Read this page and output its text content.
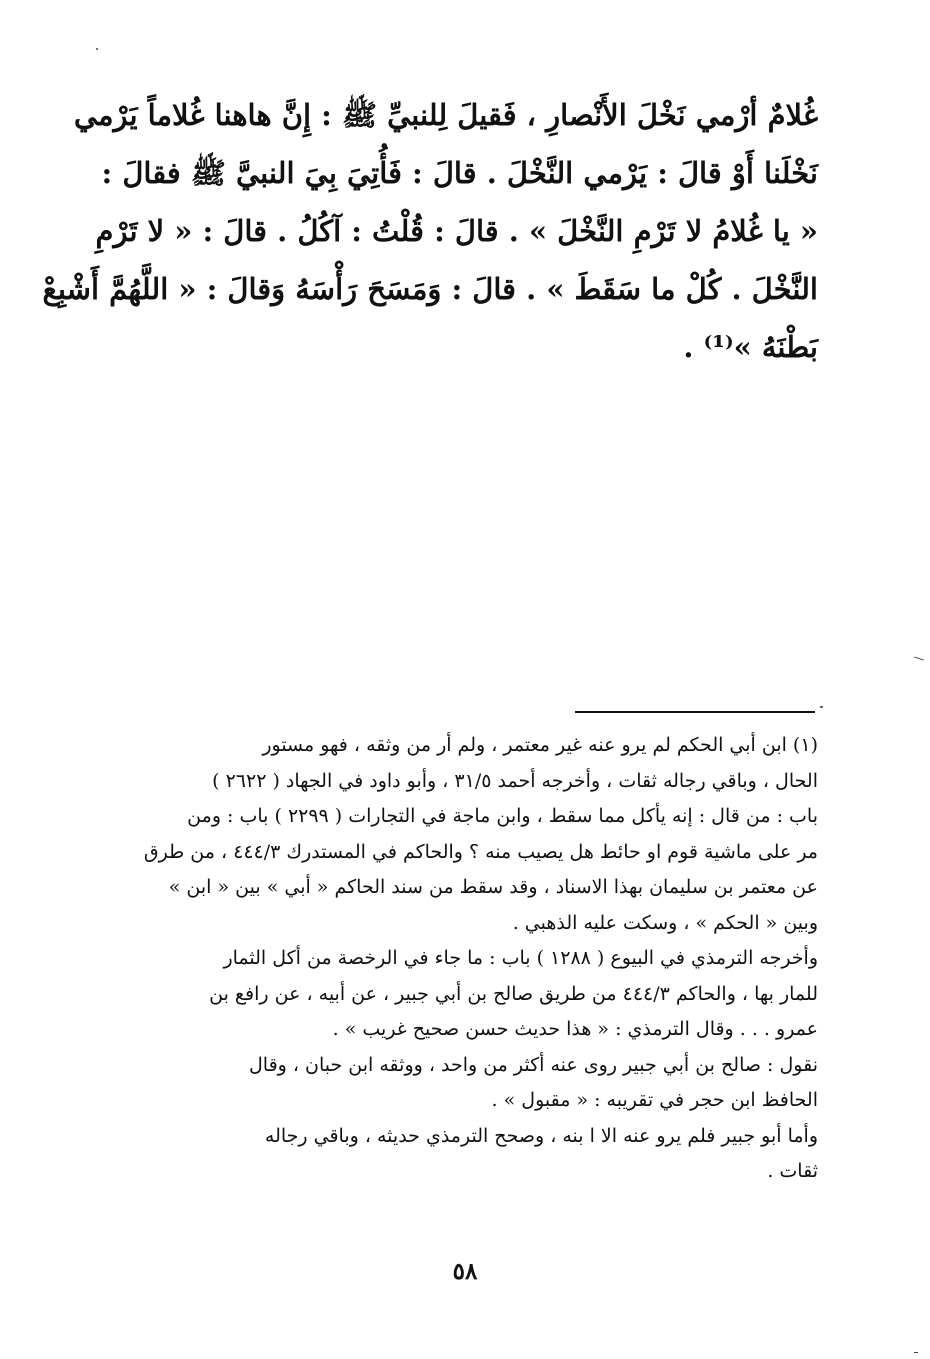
غُلامٌ أرْمي نَخْلَ الأَنْصارِ ، فَقيلَ لِلنبيِّ ﷺ : إِنَّ هاهنا غُلاماً يَرْمي
نَخْلَنا أَوْ قالَ : يَرْمي النَّخْلَ . قالَ : فَأُتِيَ بِيَ النبيَّ ﷺ فقالَ :
« يا غُلامُ لا تَرْمِ النَّخْلَ » . قالَ : قُلْتُ : آكُلُ . قالَ : « لا تَرْمِ
النَّخْلَ . كُلْ ما سَقَطَ » . قالَ : وَمَسَحَ رَأْسَهُ وَقالَ : « اللَّهُمَّ أَشْبِعْ
بَطْنَهُ »⁽¹⁾ .
(١) ابن أبي الحكم لم يرو عنه غير معتمر ، ولم أر من وثقه ، فهو مستور
الحال ، وباقي رجاله ثقات ، وأخرجه أحمد ٣١/٥ ، وأبو داود في الجهاد ( ٢٦٢٢ )
باب : من قال : إنه يأكل مما سقط ، وابن ماجة في التجارات ( ٢٢٩٩ ) باب : ومن
مر على ماشية قوم او حائط هل يصيب منه ؟ والحاكم في المستدرك ٤٤٤/٣ ، من طرق
عن معتمر بن سليمان بهذا الاسناد ، وقد سقط من سند الحاكم « أبي » بين « ابن »
وبين « الحكم » ، وسكت عليه الذهبي .
وأخرجه الترمذي في البيوع ( ١٢٨٨ ) باب : ما جاء في الرخصة من أكل الثمار
للمار بها ، والحاكم ٤٤٤/٣ من طريق صالح بن أبي جبير ، عن أبيه ، عن رافع بن
عمرو . . . وقال الترمذي : « هذا حديث حسن صحيح غريب » .
نقول : صالح بن أبي جبير روى عنه أكثر من واحد ، ووثقه ابن حبان ، وقال
الحافظ ابن حجر في تقريبه : « مقبول » .
وأما أبو جبير فلم يرو عنه الا ا بنه ، وصحح الترمذي حديثه ، وباقي رجاله
ثقات .
٥٨
